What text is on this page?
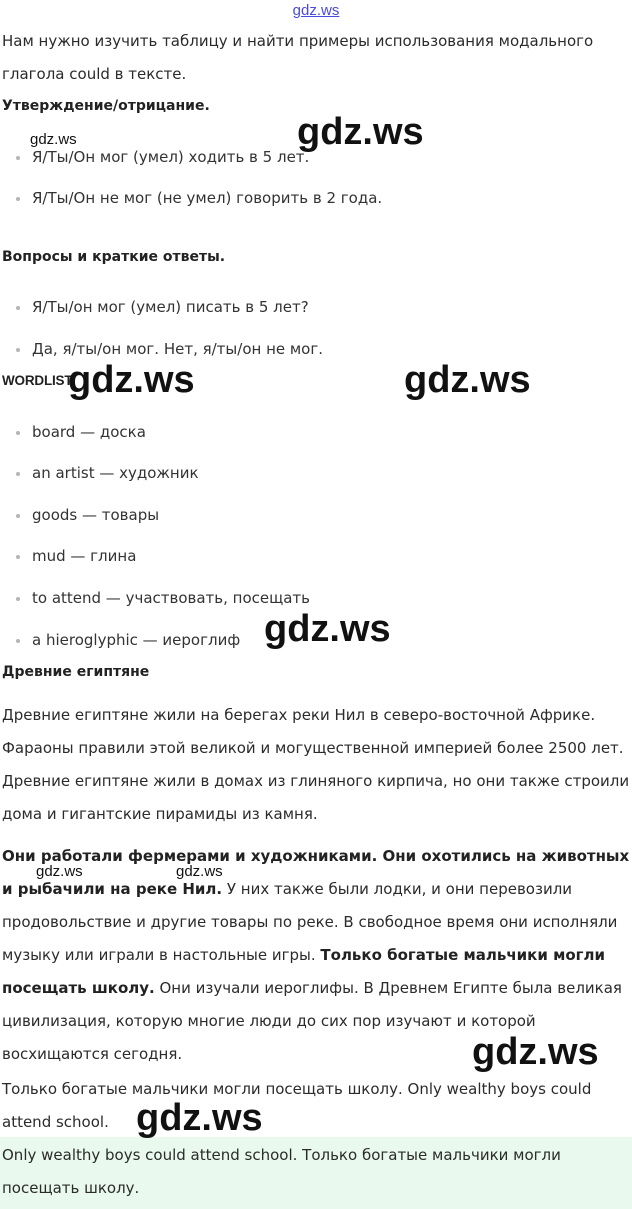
gdz.ws
Нам нужно изучить таблицу и найти примеры использования модального глагола could в тексте.
Утверждение/отрицание.
Я/Ты/Он мог (умел) ходить в 5 лет.
Я/Ты/Он не мог (не умел) говорить в 2 года.
Вопросы и краткие ответы.
Я/Ты/он мог (умел) писать в 5 лет?
Да, я/ты/он мог. Нет, я/ты/он не мог.
WORDLIST
board — доска
an artist — художник
goods — товары
mud — глина
to attend — участвовать, посещать
a hieroglyphic — иероглиф
Древние египтяне
Древние египтяне жили на берегах реки Нил в северо-восточной Африке. Фараоны правили этой великой и могущественной империей более 2500 лет. Древние египтяне жили в домах из глиняного кирпича, но они также строили дома и гигантские пирамиды из камня.
Они работали фермерами и художниками. Они охотились на животных и рыбачили на реке Нил. У них также были лодки, и они перевозили продовольствие и другие товары по реке. В свободное время они исполняли музыку или играли в настольные игры. Только богатые мальчики могли посещать школу. Они изучали иероглифы. В Древнем Египте была великая цивилизация, которую многие люди до сих пор изучают и которой восхищаются сегодня.
Только богатые мальчики могли посещать школу. Only wealthy boys could attend school.
Only wealthy boys could attend school. Только богатые мальчики могли посещать школу.
gdz.ws	gdz.ws
gdz.ws	gdz.ws
gdz.ws
gdz.ws	gdz.ws
gdz.ws
gdz.ws
